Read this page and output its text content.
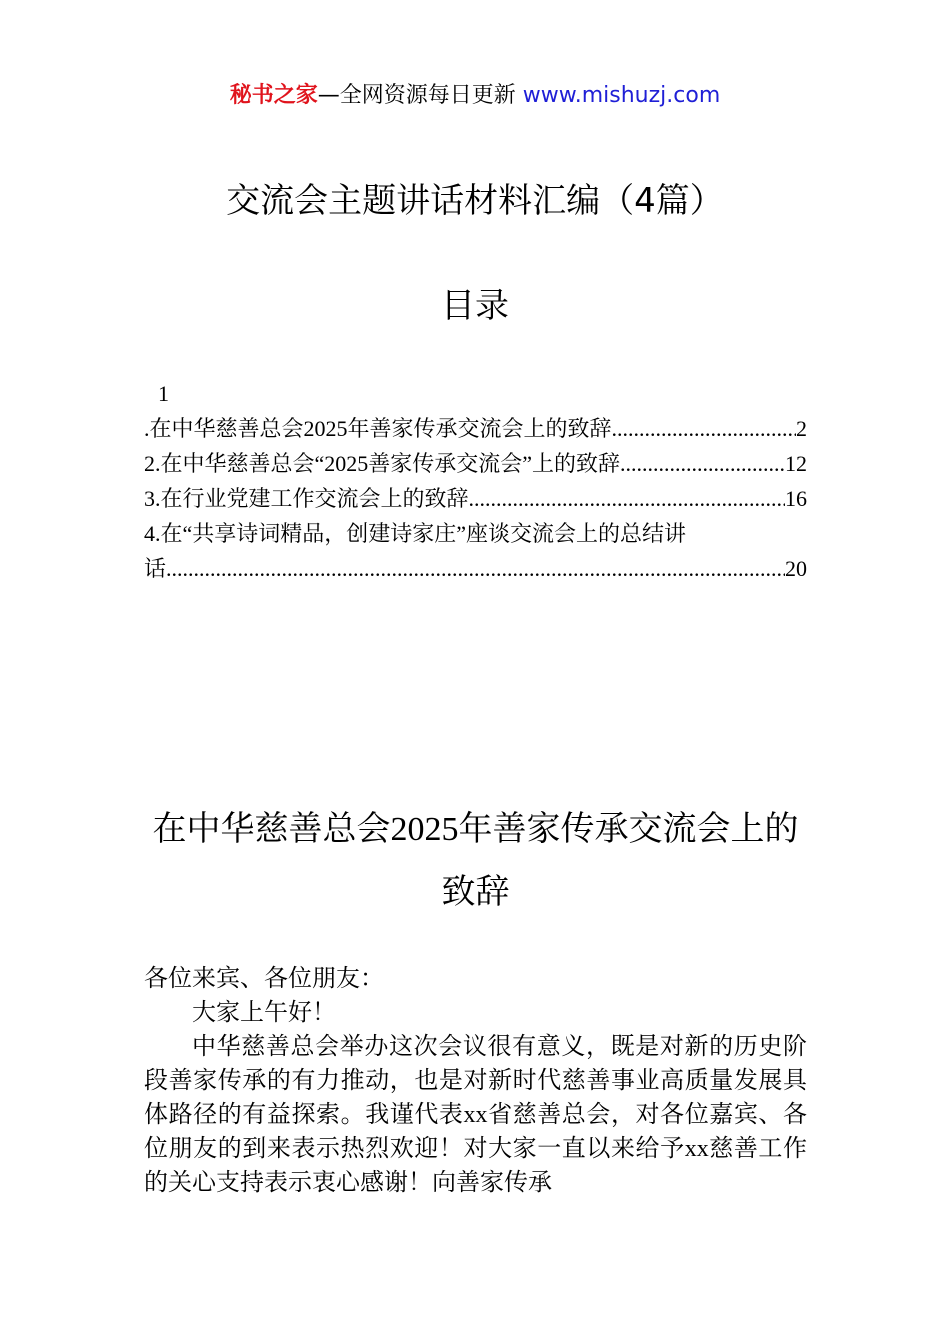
秘书之家—全网资源每日更新 www.mishuzj.com
交流会主题讲话材料汇编（4篇）
目录
1
.在中华慈善总会2025年善家传承交流会上的致辞 .....	2
2.在中华慈善总会“2025善家传承交流会”上的致辞 .....	12
3.在行业党建工作交流会上的致辞 .....	16
4.在“共享诗词精品，创建诗家庄”座谈交流会上的总结讲
话 .....	20
在中华慈善总会2025年善家传承交流会上的致辞

各位来宾、各位朋友：

大家上午好！

中华慈善总会举办这次会议很有意义，既是对新的历史阶段善家传承的有力推动，也是对新时代慈善事业高质量发展具体路径的有益探索。我谨代表xx省慈善总会，对各位嘉宾、各位朋友的到来表示热烈欢迎！对大家一直以来给予xx慈善工作的关心支持表示衷心感谢！向善家传承
